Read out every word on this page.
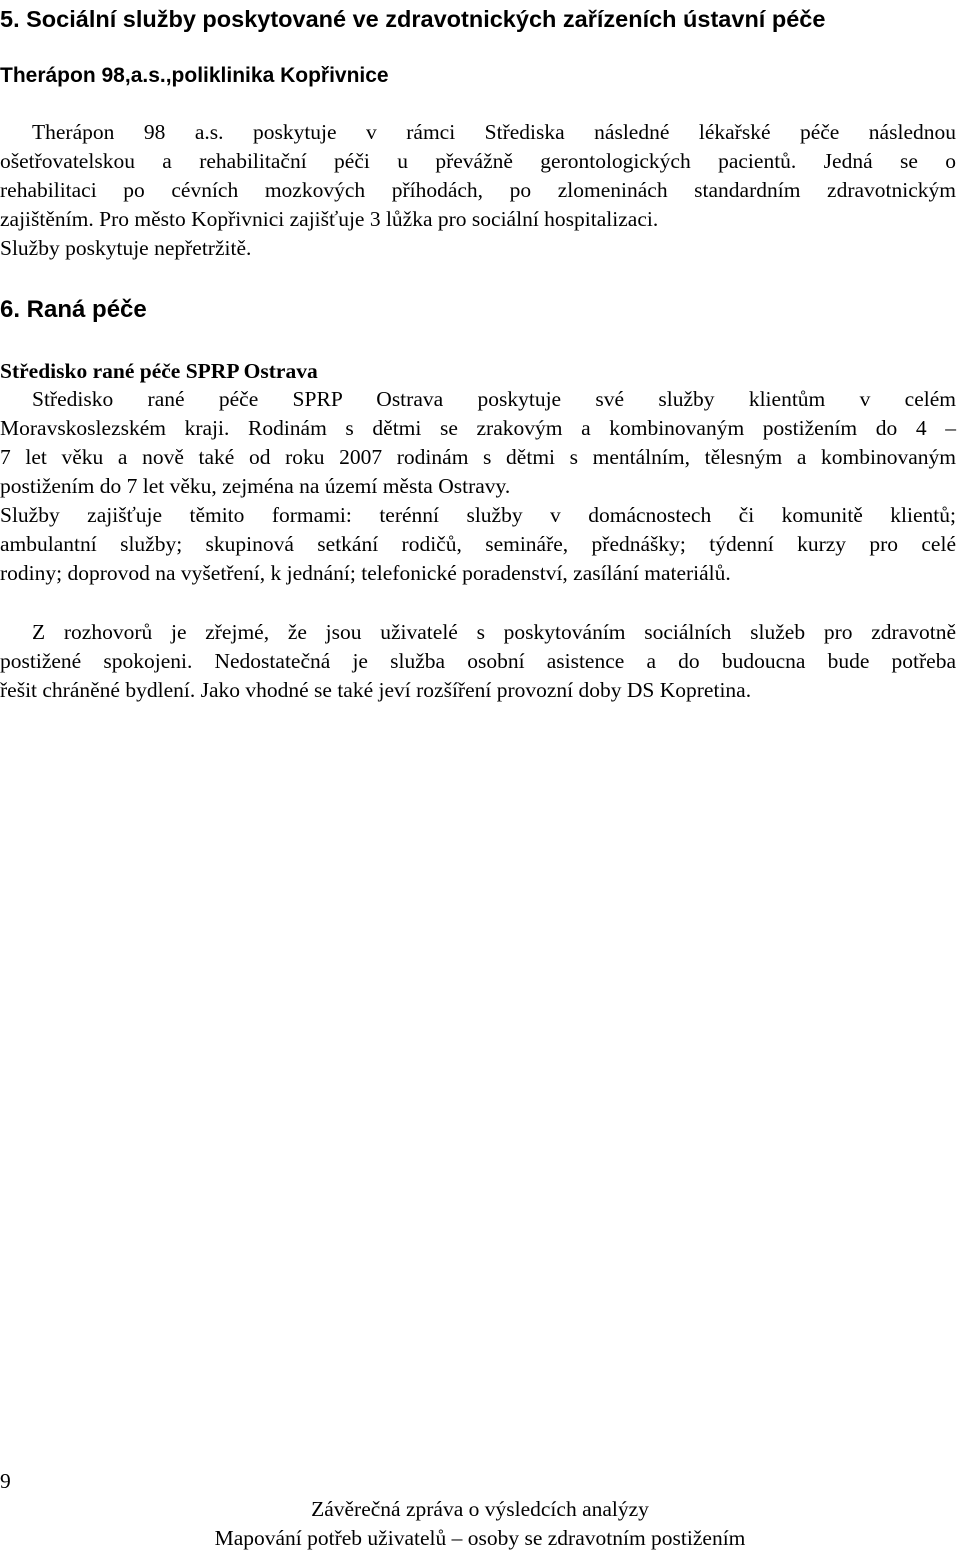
5. Sociální služby poskytované ve zdravotnických zařízeních ústavní péče
Therápon 98,a.s.,poliklinika Kopřivnice
Therápon 98 a.s. poskytuje v rámci Střediska následné lékařské péče následnou
ošetřovatelskou a rehabilitační péči u převážně gerontologických pacientů. Jedná se o
rehabilitaci po cévních mozkových příhodách, po zlomeninách standardním zdravotnickým
zajištěním. Pro město Kopřivnici zajišťuje 3 lůžka pro sociální hospitalizaci.
Služby poskytuje nepřetržitě.
6. Raná péče
Středisko rané péče SPRP Ostrava
Středisko rané péče SPRP Ostrava poskytuje své služby klientům v celém
Moravskoslezském kraji. Rodinám s dětmi se zrakovým a kombinovaným postižením do 4 –
7 let věku a nově také od roku 2007 rodinám s dětmi s mentálním, tělesným a kombinovaným
postižením do 7 let věku, zejména na území města Ostravy.
Služby zajišťuje těmito formami: terénní služby v domácnostech či komunitě klientů;
ambulantní služby; skupinová setkání rodičů, semináře, přednášky; týdenní kurzy pro celé
rodiny; doprovod na vyšetření, k jednání; telefonické poradenství, zasílání materiálů.
Z rozhovorů je zřejmé, že jsou uživatelé s poskytováním sociálních služeb pro zdravotně
postižené spokojeni. Nedostatečná je služba osobní asistence a do budoucna bude potřeba
řešit chráněné bydlení. Jako vhodné se také jeví rozšíření provozní doby DS Kopretina.

9

Závěrečná zpráva o výsledcích analýzy

Mapování potřeb uživatelů – osoby se zdravotním postižením
